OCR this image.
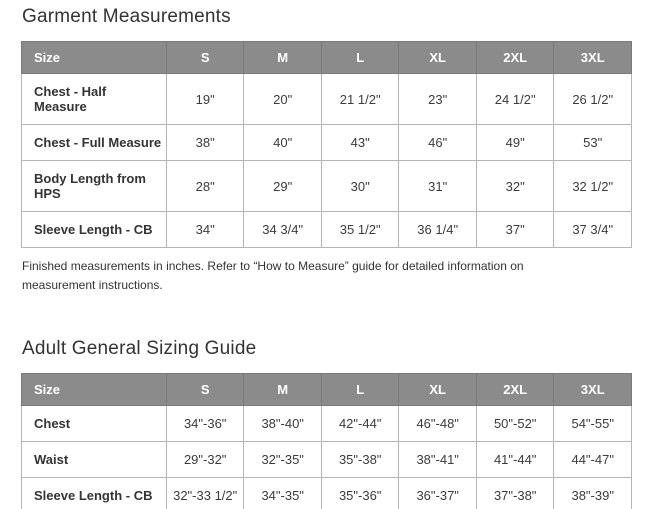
Garment Measurements
Size	S	M	L	XL	2XL	3XL
Chest - Half Measure	19"	20"	21 1/2"	23"	24 1/2"	26 1/2"
Chest - Full Measure	38"	40"	43"	46"	49"	53"
Body Length from HPS	28"	29"	30"	31"	32"	32 1/2"
Sleeve Length - CB	34"	34 3/4"	35 1/2"	36 1/4"	37"	37 3/4"

Finished measurements in inches. Refer to “How to Measure” guide for detailed information on measurement instructions.

Adult General Sizing Guide
Size	S	M	L	XL	2XL	3XL
Chest	34"-36"	38"-40"	42"-44"	46"-48"	50"-52"	54"-55"
Waist	29"-32"	32"-35"	35"-38"	38"-41"	41"-44"	44"-47"
Sleeve Length - CB	32"-33 1/2"	34"-35"	35"-36"	36"-37"	37"-38"	38"-39"
